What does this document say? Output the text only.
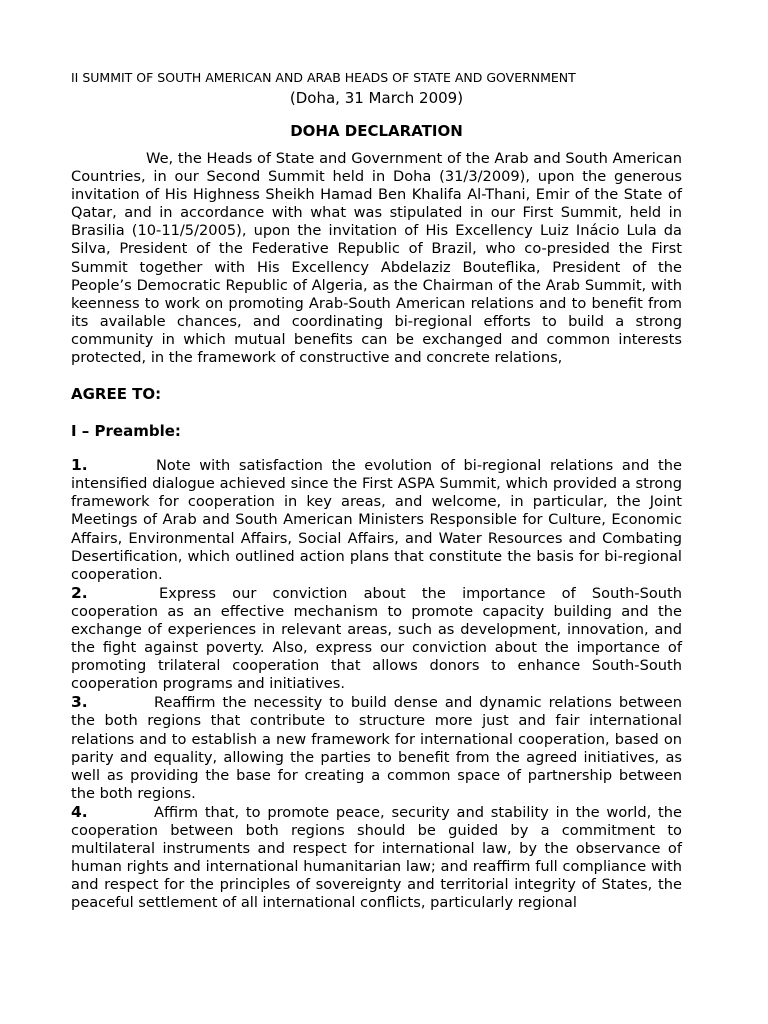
II SUMMIT OF SOUTH AMERICAN AND ARAB HEADS OF STATE AND GOVERNMENT
(Doha, 31 March 2009)
DOHA DECLARATION
We, the Heads of State and Government of the Arab and South American Countries, in our Second Summit held in Doha (31/3/2009), upon the generous invitation of His Highness Sheikh Hamad Ben Khalifa Al-Thani, Emir of the State of Qatar, and in accordance with what was stipulated in our First Summit, held in Brasilia (10-11/5/2005), upon the invitation of His Excellency Luiz Inácio Lula da Silva, President of the Federative Republic of Brazil, who co-presided the First Summit together with His Excellency Abdelaziz Bouteflika, President of the People’s Democratic Republic of Algeria, as the Chairman of the Arab Summit, with keenness to work on promoting Arab-South American relations and to benefit from its available chances, and coordinating bi-regional efforts to build a strong community in which mutual benefits can be exchanged and common interests protected, in the framework of constructive and concrete relations,
AGREE TO:
I – Preamble:
1.	Note with satisfaction the evolution of bi-regional relations and the intensified dialogue achieved since the First ASPA Summit, which provided a strong framework for cooperation in key areas, and welcome, in particular, the Joint Meetings of Arab and South American Ministers Responsible for Culture, Economic Affairs, Environmental Affairs, Social Affairs, and Water Resources and Combating Desertification, which outlined action plans that constitute the basis for bi-regional cooperation.
2.	Express our conviction about the importance of South-South cooperation as an effective mechanism to promote capacity building and the exchange of experiences in relevant areas, such as development, innovation, and the fight against poverty. Also, express our conviction about the importance of promoting trilateral cooperation that allows donors to enhance South-South cooperation programs and initiatives.
3.	Reaffirm the necessity to build dense and dynamic relations between the both regions that contribute to structure more just and fair international relations and to establish a new framework for international cooperation, based on parity and equality, allowing the parties to benefit from the agreed initiatives, as well as providing the base for creating a common space of partnership between the both regions.
4.	Affirm that, to promote peace, security and stability in the world, the cooperation between both regions should be guided by a commitment to multilateral instruments and respect for international law, by the observance of human rights and international humanitarian law; and reaffirm full compliance with and respect for the principles of sovereignty and territorial integrity of States, the peaceful settlement of all international conflicts, particularly regional
